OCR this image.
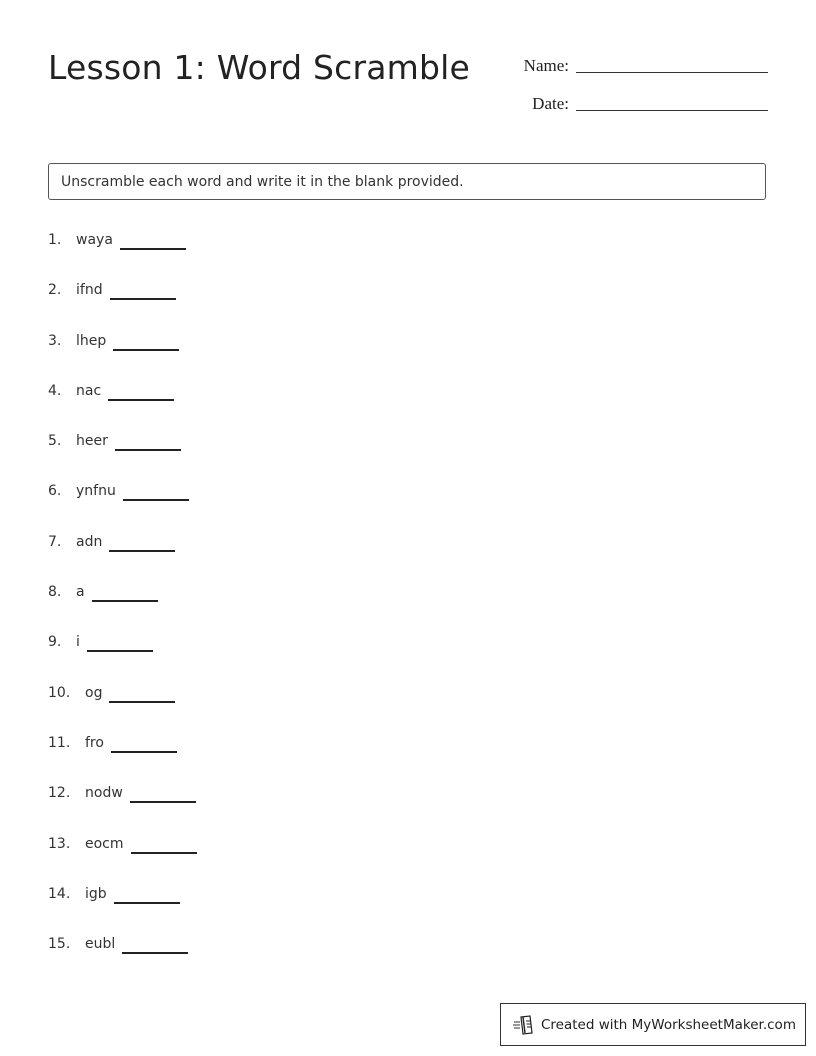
Lesson 1: Word Scramble	Name:
Date:
Unscramble each word and write it in the blank provided.
1.	waya
2.	ifnd
3.	lhep
4.	nac
5.	heer
6.	ynfnu
7.	adn
8.	a
9.	i
10.	og
11.	fro
12.	nodw
13.	eocm
14.	igb
15.	eubl
Created with MyWorksheetMaker.com
